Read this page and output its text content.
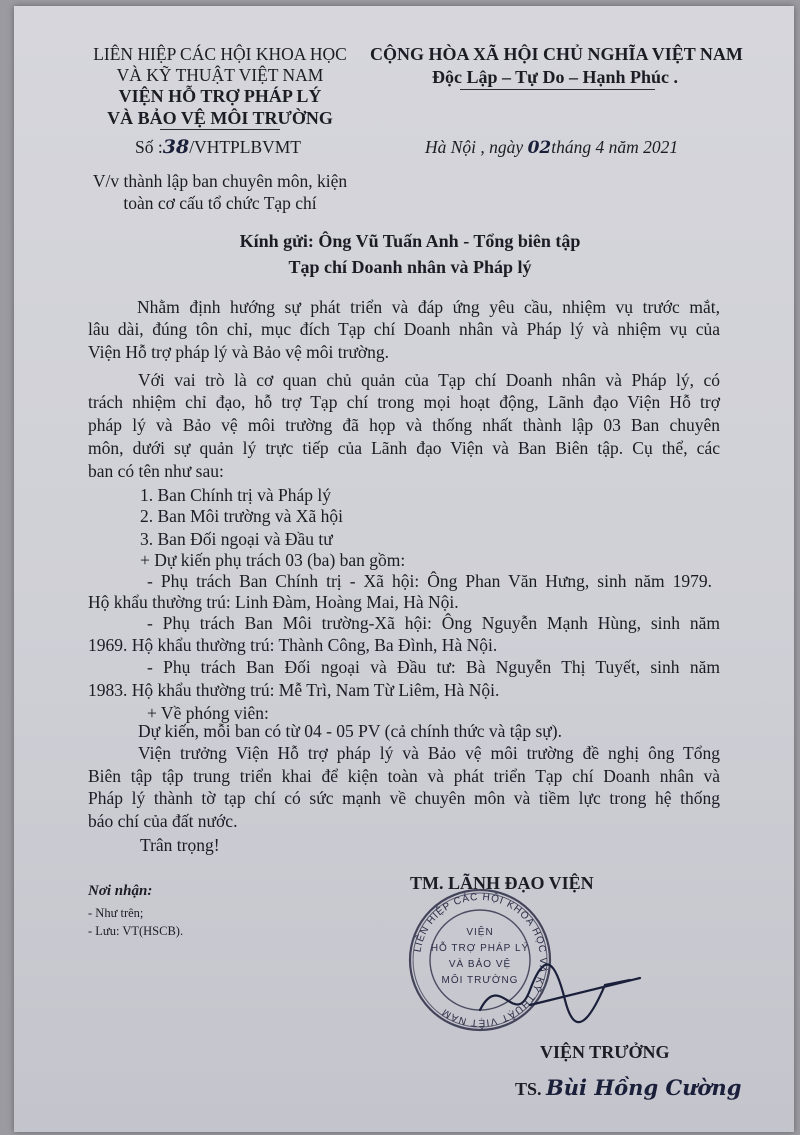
LIÊN HIỆP CÁC HỘI KHOA HỌC
VÀ KỸ THUẬT VIỆT NAM
VIỆN HỖ TRỢ PHÁP LÝ
VÀ BẢO VỆ MÔI TRƯỜNG
Số :38/VHTPLBVMT
V/v thành lập ban chuyên môn, kiện
toàn cơ cấu tổ chức Tạp chí
CỘNG HÒA XÃ HỘI CHỦ NGHĨA VIỆT NAM
Độc Lập – Tự Do – Hạnh Phúc .
Hà Nội , ngày 02tháng 4 năm 2021
Kính gửi: Ông Vũ Tuấn Anh - Tổng biên tập
Tạp chí Doanh nhân và Pháp lý
Nhằm định hướng sự phát triển và đáp ứng yêu cầu, nhiệm vụ trước mắt,
lâu dài, đúng tôn chỉ, mục đích Tạp chí Doanh nhân và Pháp lý và nhiệm vụ của
Viện Hỗ trợ pháp lý và Bảo vệ môi trường.
Với vai trò là cơ quan chủ quản của Tạp chí Doanh nhân và Pháp lý, có
trách nhiệm chỉ đạo, hỗ trợ Tạp chí trong mọi hoạt động, Lãnh đạo Viện Hỗ trợ
pháp lý và Bảo vệ môi trường đã họp và thống nhất thành lập 03 Ban chuyên
môn, dưới sự quản lý trực tiếp của Lãnh đạo Viện và Ban Biên tập. Cụ thể, các
ban có tên như sau:
1. Ban Chính trị và Pháp lý
2. Ban Môi trường và Xã hội
3. Ban Đối ngoại và Đầu tư
+ Dự kiến phụ trách 03 (ba) ban gồm:
- Phụ trách Ban Chính trị - Xã hội: Ông Phan Văn Hưng, sinh năm 1979.
Hộ khẩu thường trú: Linh Đàm, Hoàng Mai, Hà Nội.
- Phụ trách Ban Môi trường-Xã hội: Ông Nguyễn Mạnh Hùng, sinh năm
1969. Hộ khẩu thường trú: Thành Công, Ba Đình, Hà Nội.
- Phụ trách Ban Đối ngoại và Đầu tư: Bà Nguyễn Thị Tuyết, sinh năm
1983. Hộ khẩu thường trú: Mễ Trì, Nam Từ Liêm, Hà Nội.
+ Về phóng viên:
Dự kiến, mỗi ban có từ 04 - 05 PV (cả chính thức và tập sự).
Viện trưởng Viện Hỗ trợ pháp lý và Bảo vệ môi trường đề nghị ông Tổng
Biên tập tập trung triển khai để kiện toàn và phát triển Tạp chí Doanh nhân và
Pháp lý thành tờ tạp chí có sức mạnh về chuyên môn và tiềm lực trong hệ thống
báo chí của đất nước.
Trân trọng!
Nơi nhận:
- Như trên;
- Lưu: VT(HSCB).
TM. LÃNH ĐẠO VIỆN
LIÊN HIỆP CÁC HỘI KHOA HỌC VÀ KỸ THUẬT VIỆT NAM
VIỆN
HỖ TRỢ PHÁP LÝ
VÀ BẢO VỆ
MÔI TRƯỜNG
VIỆN TRƯỞNG
TS. Bùi Hồng Cường
